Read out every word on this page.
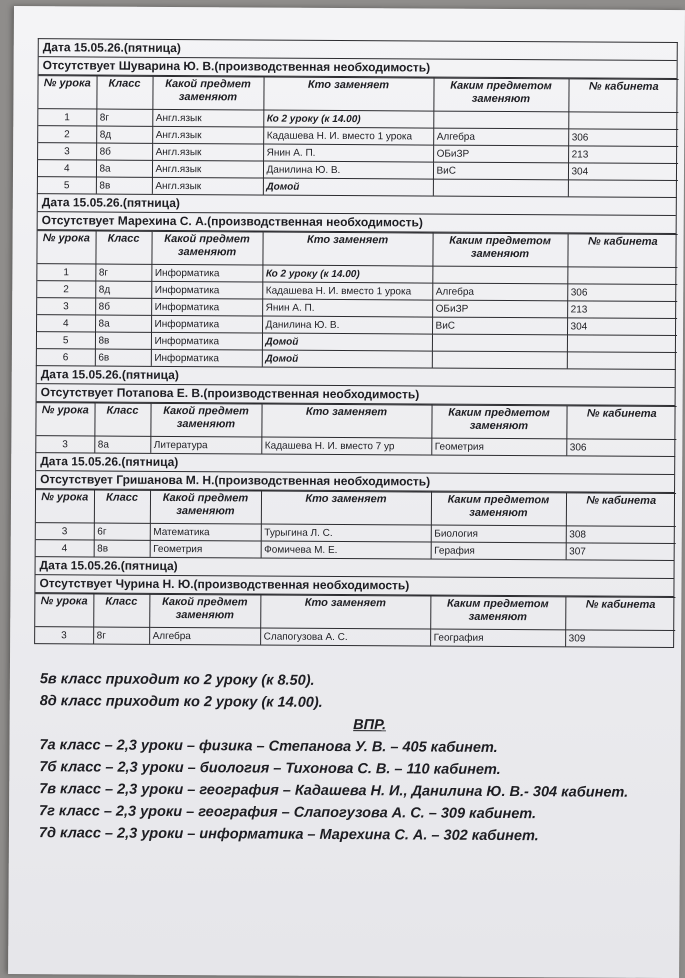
Дата 15.05.26.(пятница)
Отсутствует Шуварина Ю. В.(производственная необходимость)
№ урока	Класс	Какой предмет заменяют	Кто заменяет	Каким предметом заменяют	№ кабинета
1	8г	Англ.язык	Ко 2 уроку (к 14.00)		
2	8д	Англ.язык	Кадашева Н. И. вместо 1 урока	Алгебра	306
3	8б	Англ.язык	Янин А. П.	ОБиЗР	213
4	8а	Англ.язык	Данилина Ю. В.	ВиС	304
5	8в	Англ.язык	Домой		
Дата 15.05.26.(пятница)
Отсутствует Марехина С. А.(производственная необходимость)
№ урока	Класс	Какой предмет заменяют	Кто заменяет	Каким предметом заменяют	№ кабинета
1	8г	Информатика	Ко 2 уроку (к 14.00)		
2	8д	Информатика	Кадашева Н. И. вместо 1 урока	Алгебра	306
3	8б	Информатика	Янин А. П.	ОБиЗР	213
4	8а	Информатика	Данилина Ю. В.	ВиС	304
5	8в	Информатика	Домой		
6	6в	Информатика	Домой		
Дата 15.05.26.(пятница)
Отсутствует Потапова Е. В.(производственная необходимость)
№ урока	Класс	Какой предмет заменяют	Кто заменяет	Каким предметом заменяют	№ кабинета
3	8а	Литература	Кадашева Н. И. вместо 7 ур	Геометрия	306
Дата 15.05.26.(пятница)
Отсутствует Гришанова М. Н.(производственная необходимость)
№ урока	Класс	Какой предмет заменяют	Кто заменяет	Каким предметом заменяют	№ кабинета
3	6г	Математика	Турыгина Л. С.	Биология	308
4	8в	Геометрия	Фомичева М. Е.	Герафия	307
Дата 15.05.26.(пятница)
Отсутствует Чурина Н. Ю.(производственная необходимость)
№ урока	Класс	Какой предмет заменяют	Кто заменяет	Каким предметом заменяют	№ кабинета
3	8г	Алгебра	Слапогузова А. С.	География	309
5в класс приходит ко 2 уроку (к 8.50).
8д класс приходит ко 2 уроку (к 14.00).
ВПР.
7а класс – 2,3 уроки – физика – Степанова У. В. – 405 кабинет.
7б класс – 2,3 уроки – биология – Тихонова С. В. – 110 кабинет.
7в класс – 2,3 уроки – география – Кадашева Н. И., Данилина Ю. В.- 304 кабинет.
7г класс – 2,3 уроки – география – Слапогузова А. С. – 309 кабинет.
7д класс – 2,3 уроки – информатика – Марехина С. А. – 302 кабинет.
